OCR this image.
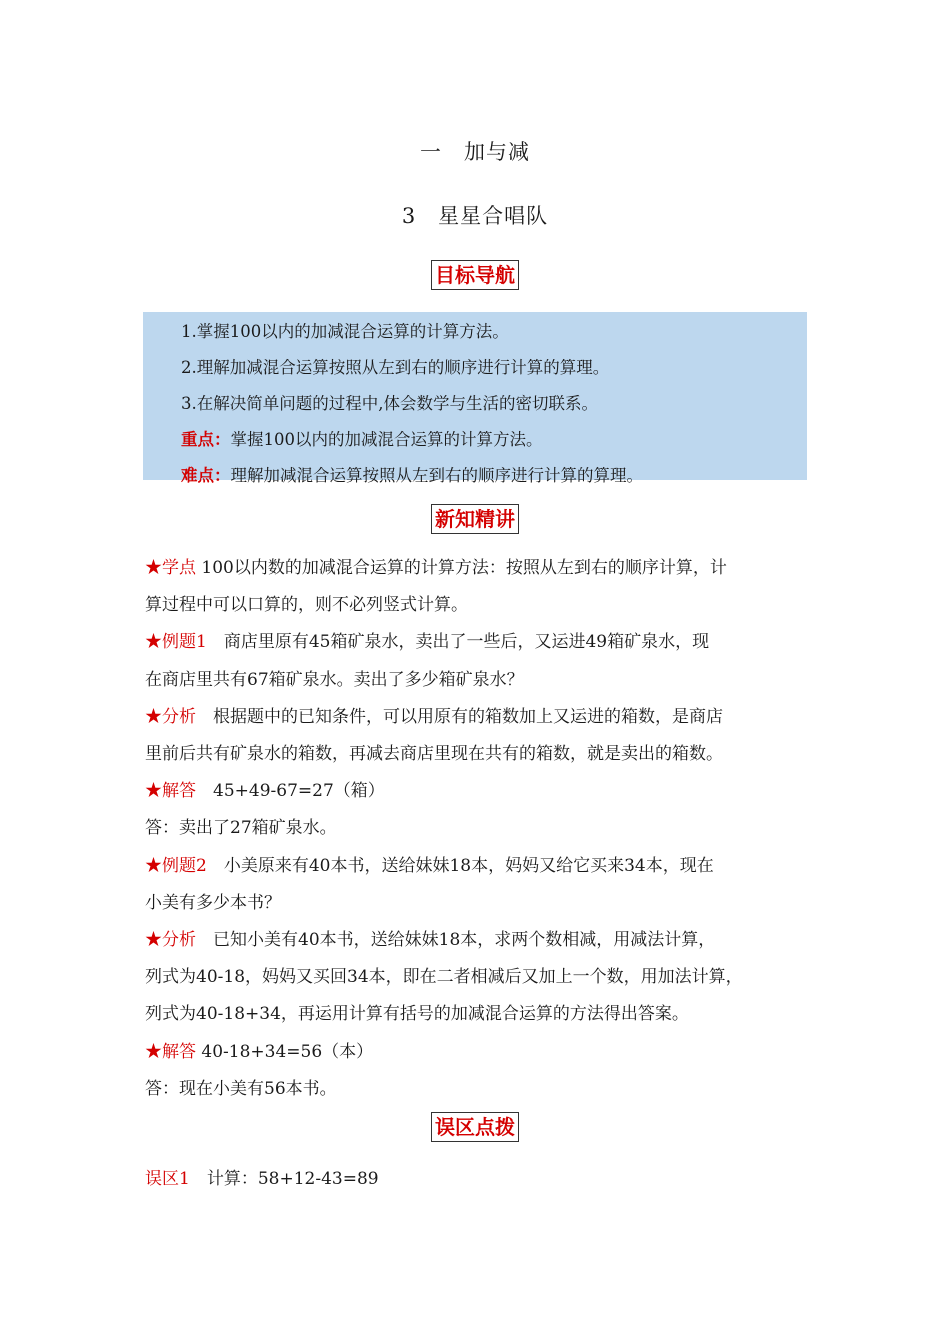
一　加与减
3　星星合唱队
目标导航
1.掌握100以内的加减混合运算的计算方法。
2.理解加减混合运算按照从左到右的顺序进行计算的算理。
3.在解决简单问题的过程中,体会数学与生活的密切联系。
重点：掌握100以内的加减混合运算的计算方法。
难点：理解加减混合运算按照从左到右的顺序进行计算的算理。
新知精讲

★学点 100以内数的加减混合运算的计算方法：按照从左到右的顺序计算，计

算过程中可以口算的，则不必列竖式计算。

★例题1　商店里原有45箱矿泉水，卖出了一些后，又运进49箱矿泉水，现

在商店里共有67箱矿泉水。卖出了多少箱矿泉水？

★分析　根据题中的已知条件，可以用原有的箱数加上又运进的箱数，是商店

里前后共有矿泉水的箱数，再减去商店里现在共有的箱数，就是卖出的箱数。

★解答　45+49-67=27（箱）

答：卖出了27箱矿泉水。

★例题2　小美原来有40本书，送给妹妹18本，妈妈又给它买来34本，现在

小美有多少本书？

★分析　已知小美有40本书，送给妹妹18本，求两个数相减，用减法计算，

列式为40-18，妈妈又买回34本，即在二者相减后又加上一个数，用加法计算，

列式为40-18+34，再运用计算有括号的加减混合运算的方法得出答案。

★解答 40-18+34=56（本）

答：现在小美有56本书。

误区点拨
误区1　计算：58+12-43=89
